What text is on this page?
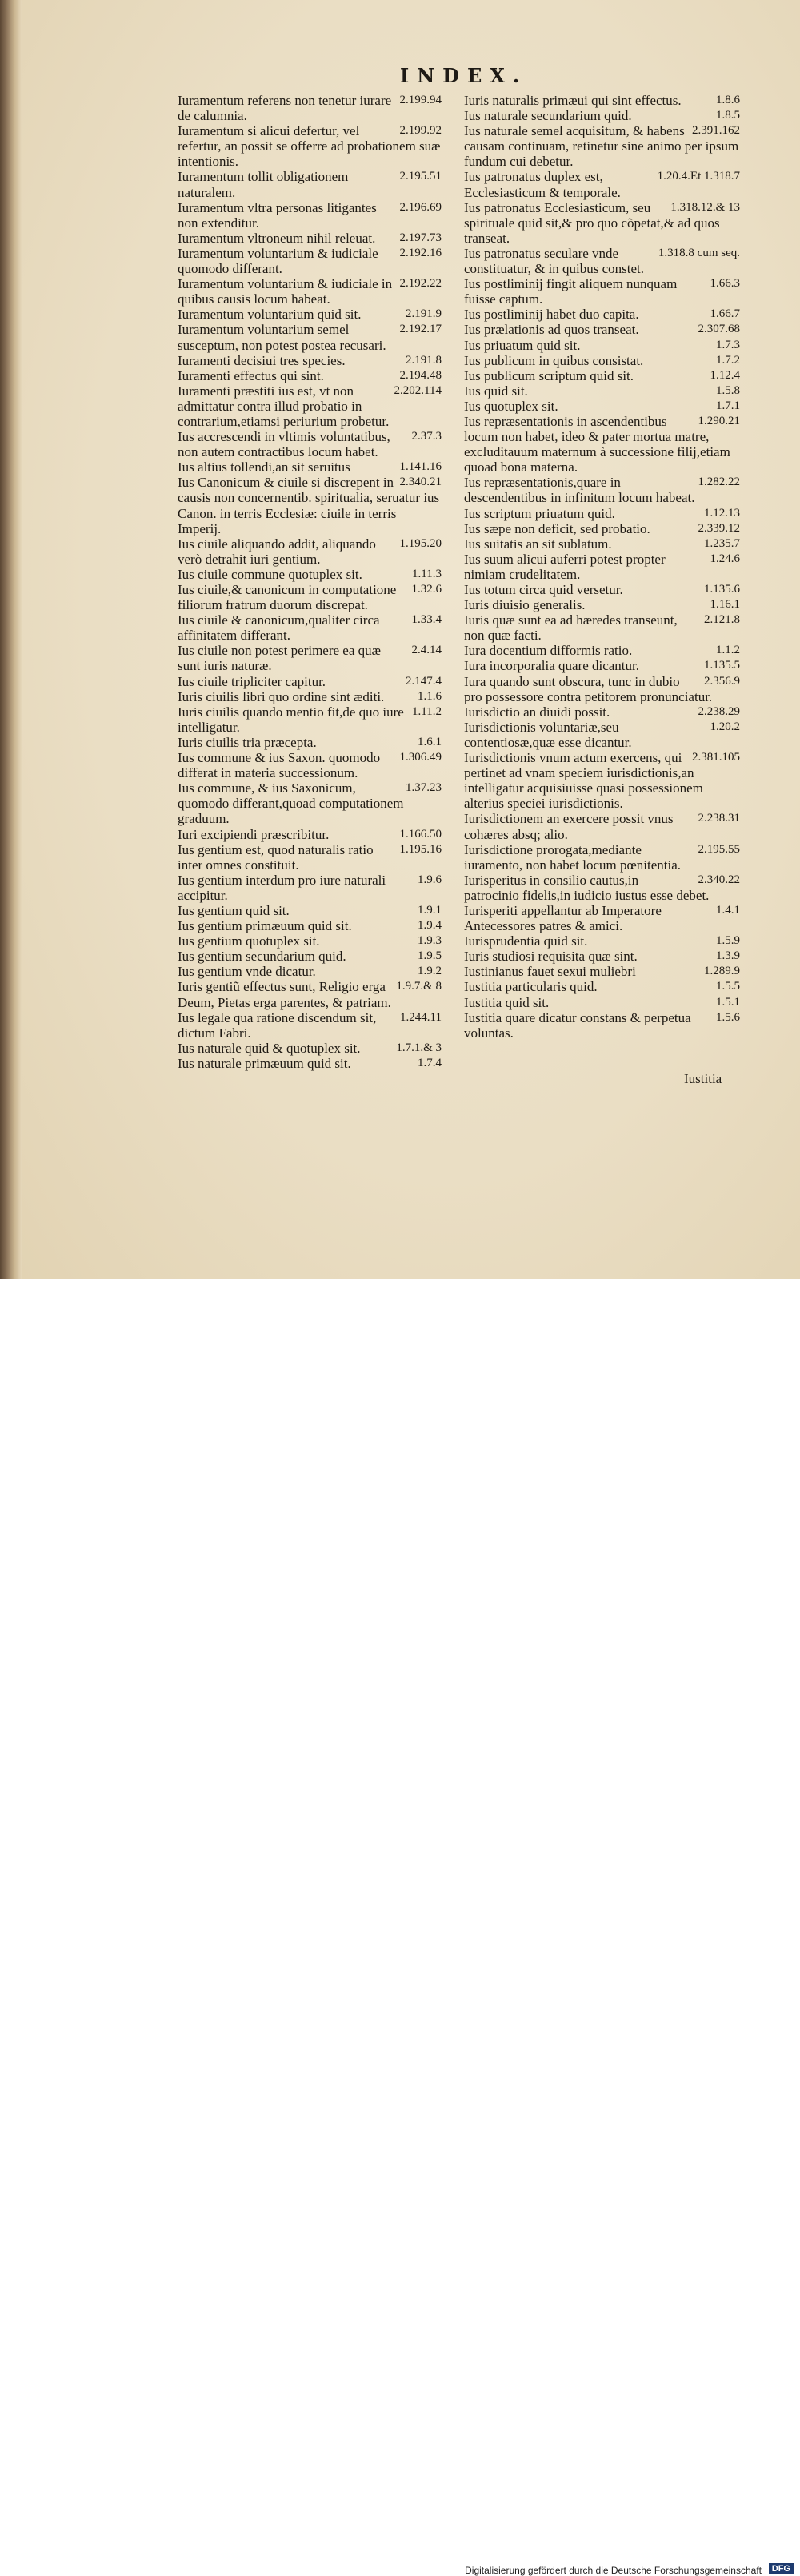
INDEX.
2.199.94
Iuramentum referens non tenetur iurare de calumnia.
2.199.92
Iuramentum si alicui defertur, vel refertur, an possit se offerre ad probationem suæ intentionis.
2.195.51
Iuramentum tollit obligationem naturalem.
2.196.69
Iuramentum vltra personas litigantes non extenditur.
2.197.73
Iuramentum vltroneum nihil releuat.
2.192.16
Iuramentum voluntarium & iudiciale quomodo differant.
2.192.22
Iuramentum voluntarium & iudiciale in quibus causis locum habeat.
2.191.9
Iuramentum voluntarium quid sit.
2.192.17
Iuramentum voluntarium semel susceptum, non potest postea recusari.
2.191.8
Iuramenti decisiui tres species.
2.194.48
Iuramenti effectus qui sint.
2.202.114
Iuramenti præstiti ius est, vt non admittatur contra illud probatio in contrarium,etiamsi periurium probetur.
2.37.3
Ius accrescendi in vltimis voluntatibus, non autem contractibus locum habet.
1.141.16
Ius altius tollendi,an sit seruitus
2.340.21
Ius Canonicum & ciuile si discrepent in causis non concernentib. spiritualia, seruatur ius Canon. in terris Ecclesiæ: ciuile in terris Imperij.
1.195.20
Ius ciuile aliquando addit, aliquando verò detrahit iuri gentium.
1.11.3
Ius ciuile commune quotuplex sit.
1.32.6
Ius ciuile,& canonicum in computatione filiorum fratrum duorum discrepat.
1.33.4
Ius ciuile & canonicum,qualiter circa affinitatem differant.
2.4.14
Ius ciuile non potest perimere ea quæ sunt iuris naturæ.
2.147.4
Ius ciuile tripliciter capitur.
1.1.6
Iuris ciuilis libri quo ordine sint æditi.
1.11.2
Iuris ciuilis quando mentio fit,de quo iure intelligatur.
1.6.1
Iuris ciuilis tria præcepta.
1.306.49
Ius commune & ius Saxon. quomodo differat in materia successionum.
1.37.23
Ius commune, & ius Saxonicum, quomodo differant,quoad computationem graduum.
1.166.50
Iuri excipiendi præscribitur.
1.195.16
Ius gentium est, quod naturalis ratio inter omnes constituit.
1.9.6
Ius gentium interdum pro iure naturali accipitur.
1.9.1
Ius gentium quid sit.
1.9.4
Ius gentium primæuum quid sit.
1.9.3
Ius gentium quotuplex sit.
1.9.5
Ius gentium secundarium quid.
1.9.2
Ius gentium vnde dicatur.
1.9.7.& 8
Iuris gentiũ effectus sunt, Religio erga Deum, Pietas erga parentes, & patriam.
1.244.11
Ius legale qua ratione discendum sit, dictum Fabri.
1.7.1.& 3
Ius naturale quid & quotuplex sit.
1.7.4
Ius naturale primæuum quid sit.
1.8.6
Iuris naturalis primæui qui sint effectus.
1.8.5
Ius naturale secundarium quid.
2.391.162
Ius naturale semel acquisitum, & habens causam continuam, retinetur sine animo per ipsum fundum cui debetur.
1.20.4.Et 1.318.7
Ius patronatus duplex est, Ecclesiasticum & temporale.
1.318.12.& 13
Ius patronatus Ecclesiasticum, seu spirituale quid sit,& pro quo cõpetat,& ad quos transeat.
1.318.8 cum seq.
Ius patronatus seculare vnde constituatur, & in quibus constet.
1.66.3
Ius postliminij fingit aliquem nunquam fuisse captum.
1.66.7
Ius postliminij habet duo capita.
2.307.68
Ius prælationis ad quos transeat.
1.7.3
Ius priuatum quid sit.
1.7.2
Ius publicum in quibus consistat.
1.12.4
Ius publicum scriptum quid sit.
1.5.8
Ius quid sit.
1.7.1
Ius quotuplex sit.
1.290.21
Ius repræsentationis in ascendentibus locum non habet, ideo & pater mortua matre, excluditauum maternum à successione filij,etiam quoad bona materna.
1.282.22
Ius repræsentationis,quare in descendentibus in infinitum locum habeat.
1.12.13
Ius scriptum priuatum quid.
2.339.12
Ius sæpe non deficit, sed probatio.
1.235.7
Ius suitatis an sit sublatum.
1.24.6
Ius suum alicui auferri potest propter nimiam crudelitatem.
1.135.6
Ius totum circa quid versetur.
1.16.1
Iuris diuisio generalis.
2.121.8
Iuris quæ sunt ea ad hæredes transeunt, non quæ facti.
1.1.2
Iura docentium difformis ratio.
1.135.5
Iura incorporalia quare dicantur.
2.356.9
Iura quando sunt obscura, tunc in dubio pro possessore contra petitorem pronunciatur.
2.238.29
Iurisdictio an diuidi possit.
1.20.2
Iurisdictionis voluntariæ,seu contentiosæ,quæ esse dicantur.
2.381.105
Iurisdictionis vnum actum exercens, qui pertinet ad vnam speciem iurisdictionis,an intelligatur acquisiuisse quasi possessionem alterius speciei iurisdictionis.
2.238.31
Iurisdictionem an exercere possit vnus cohæres absq; alio.
2.195.55
Iurisdictione prorogata,mediante iuramento, non habet locum pœnitentia.
2.340.22
Iurisperitus in consilio cautus,in patrocinio fidelis,in iudicio iustus esse debet.
1.4.1
Iurisperiti appellantur ab Imperatore Antecessores patres & amici.
1.5.9
Iurisprudentia quid sit.
1.3.9
Iuris studiosi requisita quæ sint.
1.289.9
Iustinianus fauet sexui muliebri
1.5.5
Iustitia particularis quid.
1.5.1
Iustitia quid sit.
1.5.6
Iustitia quare dicatur constans & perpetua voluntas.
Iustitia
Digitalisierung gefördert durch die Deutsche Forschungsgemeinschaft	DFG
